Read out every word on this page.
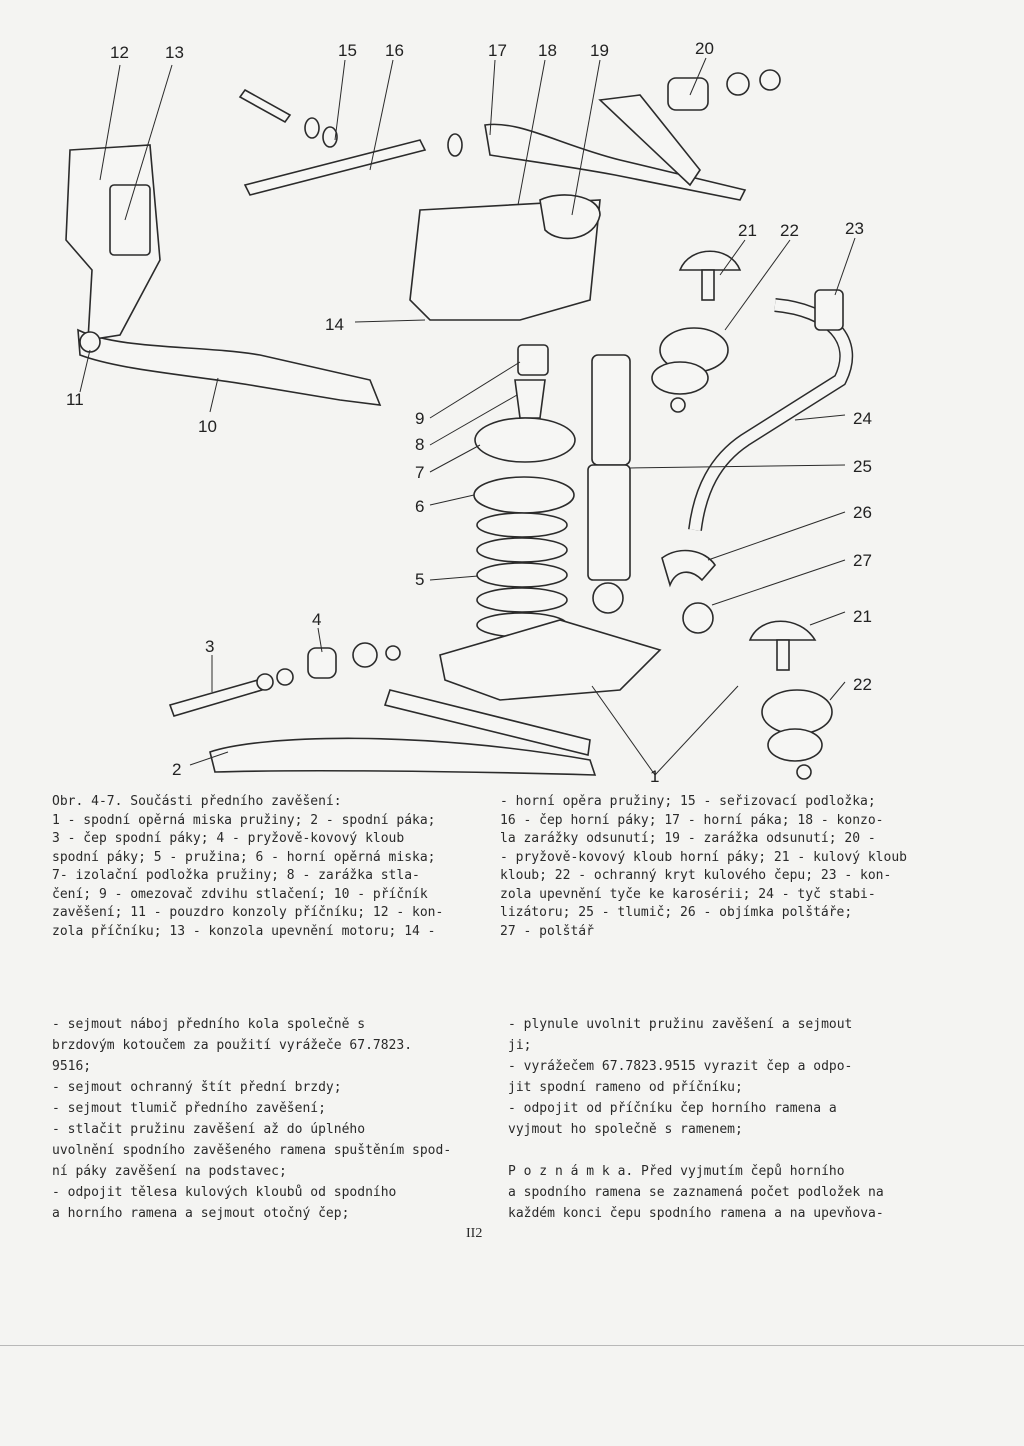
1
2
3
4
5
6
7
8
9
10
11
12 13
14
15 16	17 18 19	20
21 22	23
24
25
26
27
21
22
Obr. 4-7. Součásti předního zavěšení:
1 - spodní opěrná miska pružiny; 2 - spodní páka;
3 - čep spodní páky; 4 - pryžově-kovový kloub
spodní páky; 5 - pružina; 6 - horní opěrná miska;
7- izolační podložka pružiny; 8 - zarážka stla-
čení; 9 - omezovač zdvihu stlačení; 10 - příčník
zavěšení; 11 - pouzdro konzoly příčníku; 12 - kon-
zola příčníku; 13 - konzola upevnění motoru; 14 -
- horní opěra pružiny; 15 - seřizovací podložka;
16 - čep horní páky; 17 - horní páka; 18 - konzo-
la zarážky odsunutí; 19 - zarážka odsunutí; 20 -
- pryžově-kovový kloub horní páky; 21 - kulový kloub
kloub; 22 - ochranný kryt kulového čepu; 23 - kon-
zola upevnění tyče ke karosérii; 24 - tyč stabi-
lizátoru; 25 - tlumič; 26 - objímka polštáře;
27 - polštář
- sejmout náboj předního kola společně s
brzdovým kotoučem za použití vyrážeče 67.7823.
9516;
- sejmout ochranný štít přední brzdy;
- sejmout tlumič předního zavěšení;
- stlačit pružinu zavěšení až do úplného
uvolnění spodního zavěšeného ramena spuštěním spod-
ní páky zavěšení na podstavec;
- odpojit tělesa kulových kloubů od spodního
a horního ramena a sejmout otočný čep;
- plynule uvolnit pružinu zavěšení a sejmout
ji;
- vyrážečem 67.7823.9515 vyrazit čep a odpo-
jit spodní rameno od příčníku;
- odpojit od příčníku čep horního ramena a
vyjmout ho společně s ramenem;

P o z n á m k a. Před vyjmutím čepů horního
a spodního ramena se zaznamená počet podložek na
každém konci čepu spodního ramena a na upevňova-
II2
